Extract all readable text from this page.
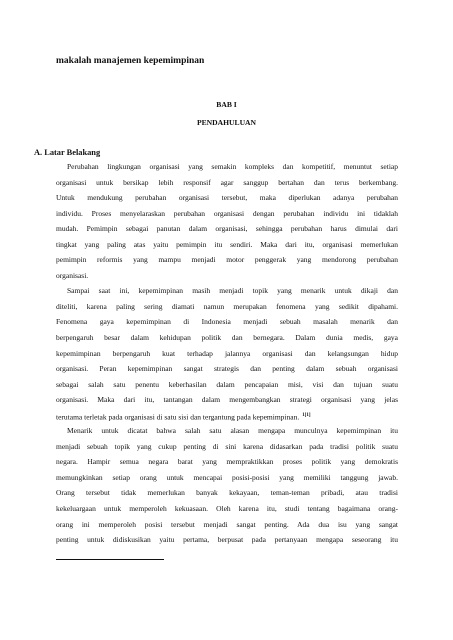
makalah manajemen kepemimpinan
BAB I
PENDAHULUAN
A. Latar Belakang
Perubahan lingkungan organisasi yang semakin kompleks dan kompetitif, menuntut setiap
organisasi untuk bersikap lebih responsif agar sanggup bertahan dan terus berkembang.
Untuk mendukung perubahan organisasi tersebut, maka diperlukan adanya perubahan
individu. Proses menyelaraskan perubahan organisasi dengan perubahan individu ini tidaklah
mudah. Pemimpin sebagai panutan dalam organisasi, sehingga perubahan harus dimulai dari
tingkat yang paling atas yaitu pemimpin itu sendiri. Maka dari itu, organisasi memerlukan
pemimpin reformis yang mampu menjadi motor penggerak yang mendorong perubahan
organisasi.
Sampai saat ini, kepemimpinan masih menjadi topik yang menarik untuk dikaji dan
diteliti, karena paling sering diamati namun merupakan fenomena yang sedikit dipahami.
Fenomena gaya kepemimpinan di Indonesia menjadi sebuah masalah menarik dan
berpengaruh besar dalam kehidupan politik dan bernegara. Dalam dunia medis, gaya
kepemimpinan berpengaruh kuat terhadap jalannya organisasi dan kelangsungan hidup
organisasi. Peran kepemimpinan sangat strategis dan penting dalam sebuah organisasi
sebagai salah satu penentu keberhasilan dalam pencapaian misi, visi dan tujuan suatu
organisasi. Maka dari itu, tantangan dalam mengembangkan strategi organisasi yang jelas
terutama terletak pada organisasi di satu sisi dan tergantung pada kepemimpinan. $^{1[1]}$
Menarik untuk dicatat bahwa salah satu alasan mengapa munculnya kepemimpinan itu
menjadi sebuah topik yang cukup penting di sini karena didasarkan pada tradisi politik suatu
negara. Hampir semua negara barat yang mempraktikkan proses politik yang demokratis
memungkinkan setiap orang untuk mencapai posisi-posisi yang memiliki tanggung jawab.
Orang tersebut tidak memerlukan banyak kekayaan, teman-teman pribadi, atau tradisi
kekeluargaan untuk memperoleh kekuasaan. Oleh karena itu, studi tentang bagaimana orang-
orang ini memperoleh posisi tersebut menjadi sangat penting. Ada dua isu yang sangat
penting untuk didiskusikan yaitu pertama, berpusat pada pertanyaan mengapa seseorang itu
